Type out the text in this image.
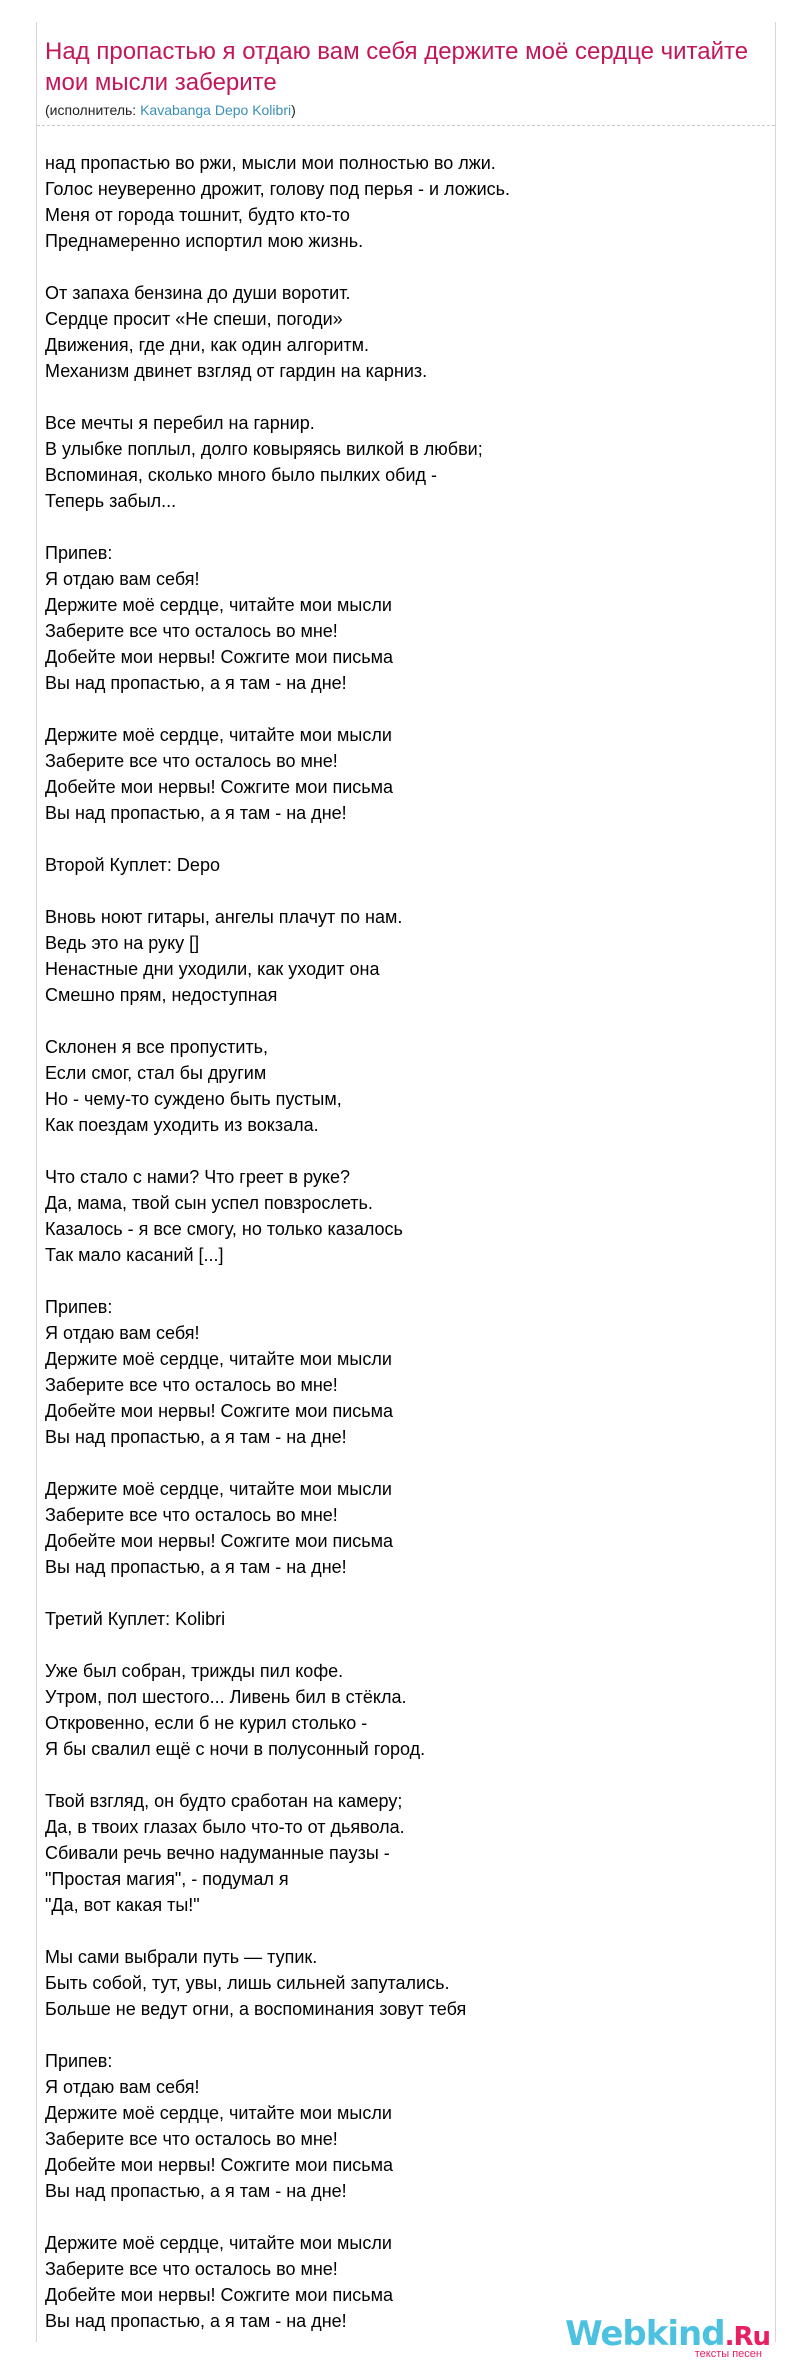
Над пропастью я отдаю вам себя держите моё сердце читайте мои мысли заберите
(исполнитель: Kavabanga Depo Kolibri)
над пропастью во ржи, мысли мои полностью во лжи.
Голос неуверенно дрожит, голову под перья - и ложись.
Меня от города тошнит, будто кто-то
Преднамеренно испортил мою жизнь.
От запаха бензина до души воротит.
Сердце просит «Не спеши, погоди»
Движения, где дни, как один алгоритм.
Механизм двинет взгляд от гардин на карниз.
Все мечты я перебил на гарнир.
В улыбке поплыл, долго ковыряясь вилкой в любви;
Вспоминая, сколько много было пылких обид -
Теперь забыл...
Припев:
Я отдаю вам себя!
Держите моё сердце, читайте мои мысли
Заберите все что осталось во мне!
Добейте мои нервы! Сожгите мои письма
Вы над пропастью, а я там - на дне!
Держите моё сердце, читайте мои мысли
Заберите все что осталось во мне!
Добейте мои нервы! Сожгите мои письма
Вы над пропастью, а я там - на дне!
Второй Куплет: Depo
Вновь ноют гитары, ангелы плачут по нам.
Ведь это на руку []
Ненастные дни уходили, как уходит она
Смешно прям, недоступная
Склонен я все пропустить,
Если смог, стал бы другим
Но - чему-то суждено быть пустым,
Как поездам уходить из вокзала.
Что стало с нами? Что греет в руке?
Да, мама, твой сын успел повзрослеть.
Казалось - я все смогу, но только казалось
Так мало касаний [...]
Припев:
Я отдаю вам себя!
Держите моё сердце, читайте мои мысли
Заберите все что осталось во мне!
Добейте мои нервы! Сожгите мои письма
Вы над пропастью, а я там - на дне!
Держите моё сердце, читайте мои мысли
Заберите все что осталось во мне!
Добейте мои нервы! Сожгите мои письма
Вы над пропастью, а я там - на дне!
Третий Куплет: Kolibri
Уже был собран, трижды пил кофе.
Утром, пол шестого... Ливень бил в стёкла.
Откровенно, если б не курил столько -
Я бы свалил ещё с ночи в полусонный город.
Твой взгляд, он будто сработан на камеру;
Да, в твоих глазах было что-то от дьявола.
Сбивали речь вечно надуманные паузы -
"Простая магия", - подумал я
"Да, вот какая ты!"
Мы сами выбрали путь — тупик.
Быть собой, тут, увы, лишь сильней запутались.
Больше не ведут огни, а воспоминания зовут тебя
Припев:
Я отдаю вам себя!
Держите моё сердце, читайте мои мысли
Заберите все что осталось во мне!
Добейте мои нервы! Сожгите мои письма
Вы над пропастью, а я там - на дне!
Держите моё сердце, читайте мои мысли
Заберите все что осталось во мне!
Добейте мои нервы! Сожгите мои письма
Вы над пропастью, а я там - на дне!	Webkind.Ru
тексты песен
